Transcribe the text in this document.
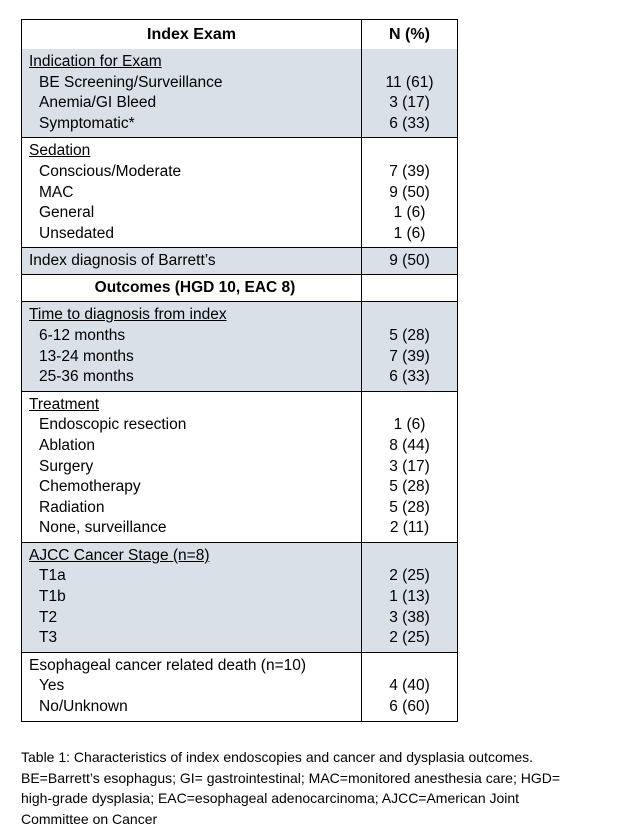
Index Exam	N (%)
Indication for Exam
BE Screening/Surveillance
Anemia/GI Bleed
Symptomatic*
11 (61)
3 (17)
6 (33)
Sedation
Conscious/Moderate
MAC
General
Unsedated
7 (39)
9 (50)
1 (6)
1 (6)
Index diagnosis of Barrett’s	9 (50)
Outcomes (HGD 10, EAC 8)
Time to diagnosis from index
6-12 months
13-24 months
25-36 months
5 (28)
7 (39)
6 (33)
Treatment
Endoscopic resection
Ablation
Surgery
Chemotherapy
Radiation
None, surveillance
1 (6)
8 (44)
3 (17)
5 (28)
5 (28)
2 (11)
AJCC Cancer Stage (n=8)
T1a
T1b
T2
T3
2 (25)
1 (13)
3 (38)
2 (25)
Esophageal cancer related death (n=10)
Yes
No/Unknown
4 (40)
6 (60)
Table 1: Characteristics of index endoscopies and cancer and dysplasia outcomes.
BE=Barrett’s esophagus; GI= gastrointestinal; MAC=monitored anesthesia care; HGD=
high-grade dysplasia; EAC=esophageal adenocarcinoma; AJCC=American Joint
Committee on Cancer
